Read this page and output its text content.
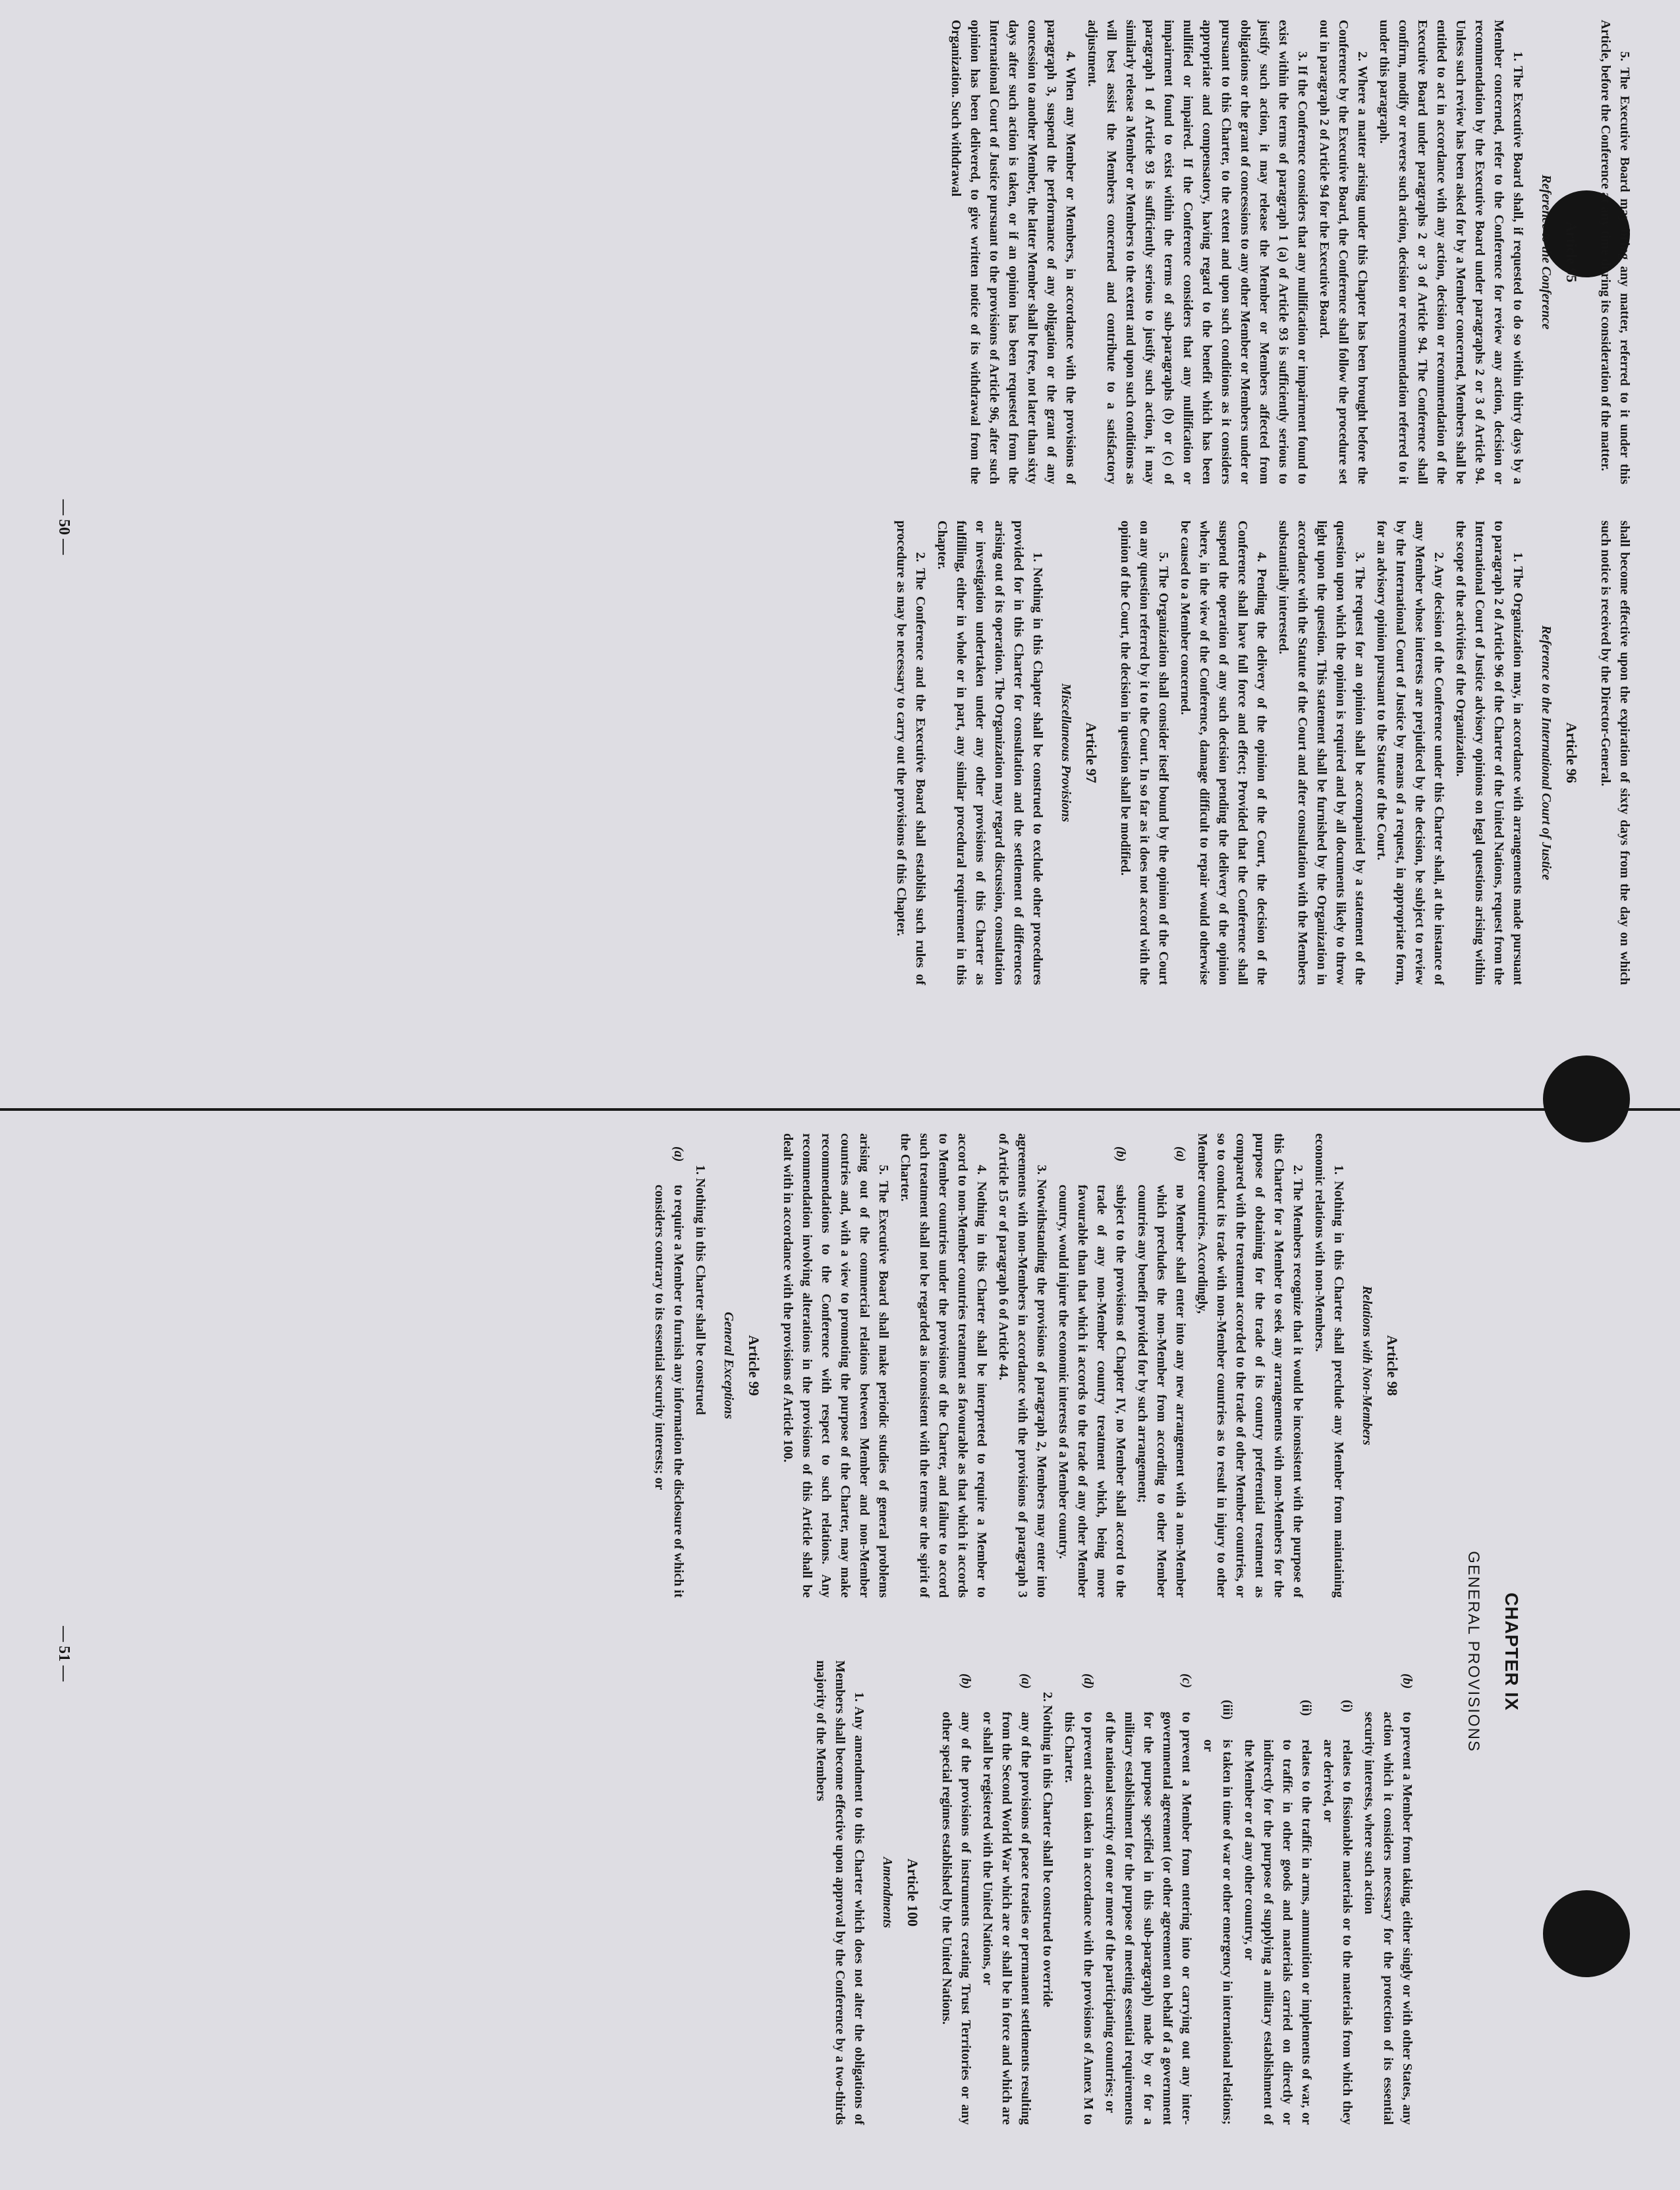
5. The Executive Board may bring any matter, referred to it under this Article, before the Conference at any time during its consideration of the matter.

Article 95

Reference to the Conference

1. The Executive Board shall, if requested to do so within thirty days by a Member concerned, refer to the Conference for review any action, decision or recommendation by the Executive Board under paragraphs 2 or 3 of Article 94. Unless such review has been asked for by a Member concerned, Members shall be entitled to act in accordance with any action, decision or recommendation of the Executive Board under paragraphs 2 or 3 of Article 94. The Conference shall confirm, modify or reverse such action, decision or recommendation referred to it under this paragraph.

2. Where a matter arising under this Chapter has been brought before the Conference by the Executive Board, the Conference shall follow the procedure set out in paragraph 2 of Article 94 for the Executive Board.

3. If the Conference considers that any nullification or impairment found to exist within the terms of paragraph 1 (a) of Article 93 is sufficiently serious to justify such action, it may release the Member or Members affected from obligations or the grant of concessions to any other Member or Members under or pursuant to this Charter, to the extent and upon such conditions as it considers appropriate and compensatory, having regard to the benefit which has been nullified or impaired. If the Conference considers that any nullification or impairment found to exist within the terms of sub-paragraphs (b) or (c) of paragraph 1 of Article 93 is sufficiently serious to justify such action, it may similarly release a Member or Members to the extent and upon such conditions as will best assist the Members concerned and contribute to a satisfactory adjustment.

4. When any Member or Members, in accordance with the provisions of paragraph 3, suspend the performance of any obligation or the grant of any concession to another Member, the latter Member shall be free, not later than sixty days after such action is taken, or if an opinion has been requested from the International Court of Justice pursuant to the provisions of Article 96, after such opinion has been delivered, to give written notice of its withdrawal from the Organization. Such withdrawal

shall become effective upon the expiration of sixty days from the day on which such notice is received by the Director-General.

Article 96

Reference to the International Court of Justice

1. The Organization may, in accordance with arrangements made pursuant to paragraph 2 of Article 96 of the Charter of the United Nations, request from the International Court of Justice advisory opinions on legal questions arising within the scope of the activities of the Organization.

2. Any decision of the Conference under this Charter shall, at the instance of any Member whose interests are prejudiced by the decision, be subject to review by the International Court of Justice by means of a request, in appropriate form, for an advisory opinion pursuant to the Statute of the Court.

3. The request for an opinion shall be accompanied by a statement of the question upon which the opinion is required and by all documents likely to throw light upon the question. This statement shall be furnished by the Organization in accordance with the Statute of the Court and after consultation with the Members substantially interested.

4. Pending the delivery of the opinion of the Court, the decision of the Conference shall have full force and effect; Provided that the Conference shall suspend the operation of any such decision pending the delivery of the opinion where, in the view of the Conference, damage difficult to repair would otherwise be caused to a Member concerned.

5. The Organization shall consider itself bound by the opinion of the Court on any question referred by it to the Court. In so far as it does not accord with the opinion of the Court, the decision in question shall be modified.

Article 97

Miscellaneous Provisions

1. Nothing in this Chapter shall be construed to exclude other procedures provided for in this Charter for consultation and the settlement of differences arising out of its operation. The Organization may regard discussion, consultation or investigation undertaken under any other provisions of this Charter as fulfilling, either in whole or in part, any similar procedural requirement in this Chapter.

2. The Conference and the Executive Board shall establish such rules of procedure as may be necessary to carry out the provisions of this Chapter.

— 50 —
CHAPTER IX
GENERAL PROVISIONS

Article 98

Relations with Non-Members

1. Nothing in this Charter shall preclude any Member from maintaining economic relations with non-Members.

2. The Members recognize that it would be inconsistent with the purpose of this Charter for a Member to seek any arrangements with non-Members for the purpose of obtaining for the trade of its country preferential treatment as compared with the treatment accorded to the trade of other Member countries, or so to conduct its trade with non-Member countries as to result in injury to other Member countries. Accordingly,

(a)
no Member shall enter into any new arrangement with a non-Member which precludes the non-Member from according to other Member countries any benefit provided for by such arrangement;

(b)
subject to the provisions of Chapter IV, no Member shall accord to the trade of any non-Member country treatment which, being more favourable than that which it accords to the trade of any other Member country, would injure the economic interests of a Member country.

3. Notwithstanding the provisions of paragraph 2, Members may enter into agreements with non-Members in accordance with the provisions of paragraph 3 of Article 15 or of paragraph 6 of Article 44.

4. Nothing in this Charter shall be interpreted to require a Member to accord to non-Member countries treatment as favourable as that which it accords to Member countries under the provisions of the Charter, and failure to accord such treatment shall not be regarded as inconsistent with the terms or the spirit of the Charter.

5. The Executive Board shall make periodic studies of general problems arising out of the commercial relations between Member and non-Member countries and, with a view to promoting the purpose of the Charter, may make recommendations to the Conference with respect to such relations. Any recommendation involving alterations in the provisions of this Article shall be dealt with in accordance with the provisions of Article 100.

Article 99

General Exceptions

1. Nothing in this Charter shall be construed

(a)
to require a Member to furnish any information the disclosure of which it considers contrary to its essential security interests; or

(b)
to prevent a Member from taking, either singly or with other States, any action which it considers necessary for the protection of its essential security interests, where such action

(i)
relates to fissionable materials or to the materials from which they are derived, or

(ii)
relates to the traffic in arms, ammunition or implements of war, or to traffic in other goods and materials carried on directly or indirectly for the purpose of supplying a military establishment of the Member or of any other country, or

(iii)
is taken in time of war or other emergency in international relations; or

(c)
to prevent a Member from entering into or carrying out any inter-governmental agreement (or other agreement on behalf of a government for the purpose specified in this sub-paragraph) made by or for a military establishment for the purpose of meeting essential requirements of the national security of one or more of the participating countries; or

(d)
to prevent action taken in accordance with the provisions of Annex M to this Charter.

2. Nothing in this Charter shall be construed to override

(a)
any of the provisions of peace treaties or permanent settlements resulting from the Second World War which are or shall be in force and which are or shall be registered with the United Nations, or

(b)
any of the provisions of instruments creating Trust Territories or any other special regimes established by the United Nations.

Article 100

Amendments

1. Any amendment to this Charter which does not alter the obligations of Members shall become effective upon approval by the Conference by a two-thirds majority of the Members

— 51 —
